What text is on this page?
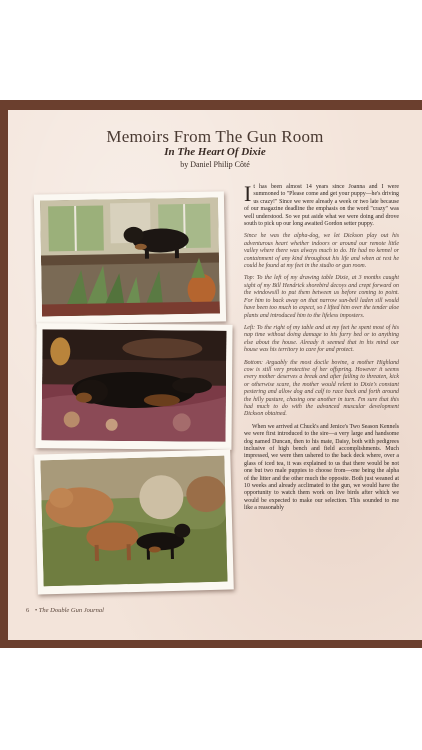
Memoirs From The Gun Room
In The Heart Of Dixie
by Daniel Philip Côté

It has been almost 14 years since Joanna and I were summoned to "Please come and get your puppy—he's driving us crazy!" Since we were already a week or two late because of our magazine deadline the emphasis on the word "crazy" was well understood. So we put aside what we were doing and drove south to pick up our long awaited Gordon setter puppy.

Since he was the alpha-dog, we let Dickson play out his adventurous heart whether indoors or around our remote little valley where there was always much to do. He had no kennel or containment of any kind throughout his life and when at rest he could be found at my feet in the studio or gun room.

Top: To the left of my drawing table Dixie, at 3 months caught sight of my Bill Hendrick shorebird decoys and crept forward on the windowsill to put them between us before coming to point. For him to back away on that narrow sun-bell laden sill would have been too much to expect, so I lifted him over the tender aloe plants and introduced him to the lifeless imposters.

Left: To the right of my table and at my feet he spent most of his nap time without doing damage to his furry bed or to anything else about the house. Already it seemed that in his mind our house was his territory to care for and protect.

Bottom: Arguably the most docile bovine, a mother Highland cow is still very protective of her offspring. However it seems every mother deserves a break and after failing to threaten, kick or otherwise scare, the mother would relent to Dixie's constant pestering and allow dog and calf to race back and forth around the hilly pasture, chasing one another in turn. I'm sure that this had much to do with the advanced muscular development Dickson obtained.

When we arrived at Chuck's and Jenice's Two Season Kennels we were first introduced to the sire—a very large and handsome dog named Duncan, then to his mate, Daisy, both with pedigrees inclusive of high bench and field accomplishments. Much impressed, we were then ushered to the back deck where, over a glass of iced tea, it was explained to us that there would be not one but two male puppies to choose from—one being the alpha of the litter and the other much the opposite. Both just weaned at 10 weeks and already acclimated to the gun, we would have the opportunity to watch them work on live birds after which we would be expected to make our selection. This sounded to me like a reasonably

6 • The Double Gun Journal
